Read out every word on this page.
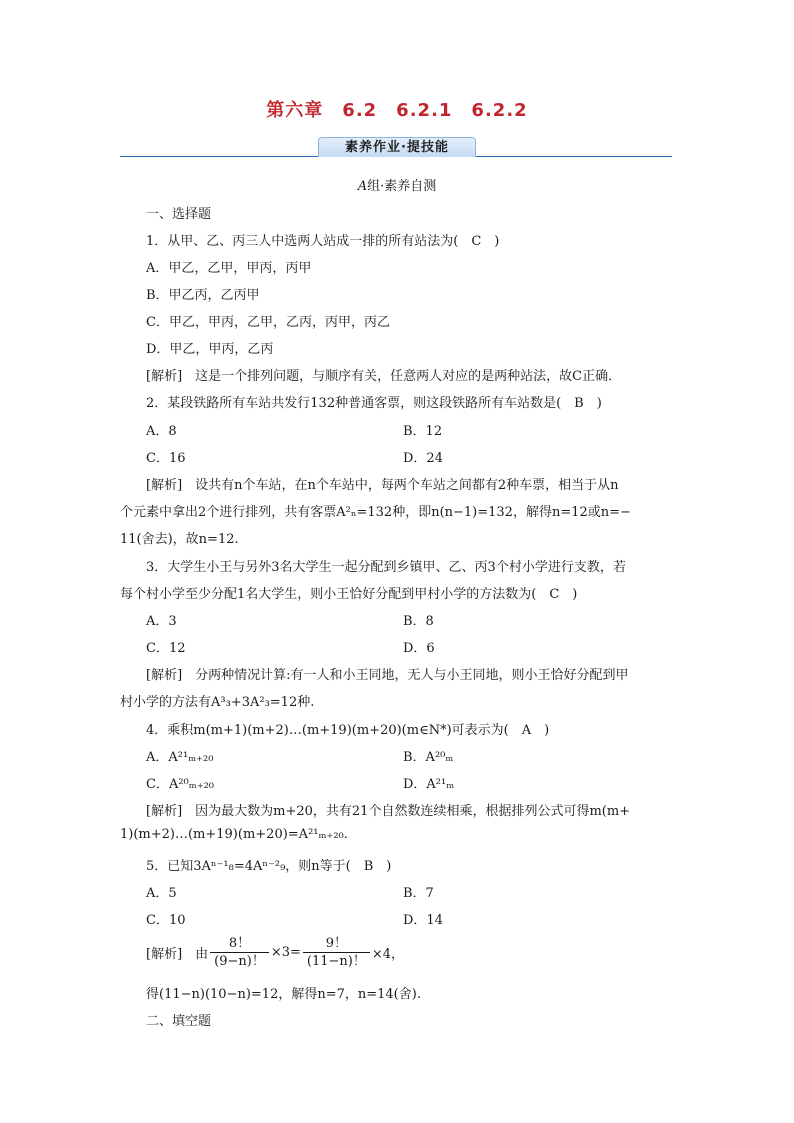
第六章　6.2　6.2.1　6.2.2
素养作业·提技能
A组·素养自测
一、选择题
1．从甲、乙、丙三人中选两人站成一排的所有站法为(　C　)
A．甲乙，乙甲，甲丙，丙甲
B．甲乙丙，乙丙甲
C．甲乙，甲丙，乙甲，乙丙，丙甲，丙乙
D．甲乙，甲丙，乙丙
[解析]　这是一个排列问题，与顺序有关，任意两人对应的是两种站法，故C正确．
2．某段铁路所有车站共发行132种普通客票，则这段铁路所有车站数是(　B　)
A．8	B．12
C．16	D．24
[解析]　设共有n个车站，在n个车站中，每两个车站之间都有2种车票，相当于从n
个元素中拿出2个进行排列，共有客票A²ₙ=132种，即n(n−1)=132，解得n=12或n=−
11(舍去)，故n=12.
3．大学生小王与另外3名大学生一起分配到乡镇甲、乙、丙3个村小学进行支教，若
每个村小学至少分配1名大学生，则小王恰好分配到甲村小学的方法数为(　C　)
A．3	B．8
C．12	D．6
[解析]　分两种情况计算:有一人和小王同地，无人与小王同地，则小王恰好分配到甲
村小学的方法有A³₃+3A²₃=12种.
4．乘积m(m+1)(m+2)…(m+19)(m+20)(m∈N*)可表示为(　A　)
A．A²¹ₘ₊₂₀	B．A²⁰ₘ
C．A²⁰ₘ₊₂₀	D．A²¹ₘ
[解析]　因为最大数为m+20，共有21个自然数连续相乘，根据排列公式可得m(m+
1)(m+2)…(m+19)(m+20)=A²¹ₘ₊₂₀.
5．已知3Aⁿ⁻¹₈=4Aⁿ⁻²₉，则n等于(　B　)
A．5	B．7
C．10	D．14
[解析]　由 $\frac{8!}{(9-n)!} \times 3= \frac{9!}{(11-n)!} \times 4$，
得(11−n)(10−n)=12，解得n=7，n=14(舍).
二、填空题
